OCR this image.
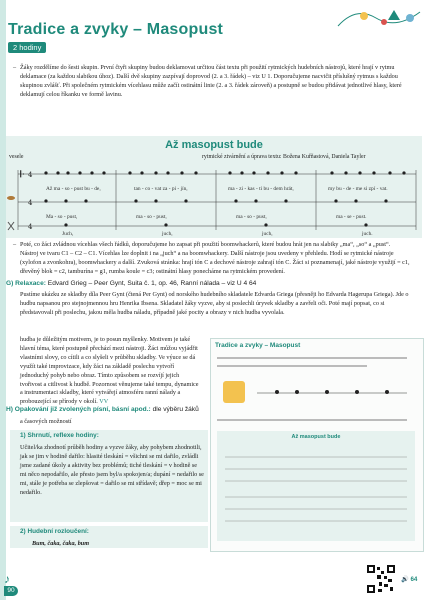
Tradice a zvyky – Masopust
2 hodiny
– Žáky rozdělíme do šesti skupin. První čtyři skupiny budou deklamovat určitou část textu při použití rytmických hudebních nástrojů, které hrají v rytmu deklamace (za každou slabikou úhoz). Další dvě skupiny zazpívají doprovod (2. a 3. řádek) – viz U 1. Doporučujeme nacvičit příslušný rytmus s každou skupinou zvlášť. Při společném rytmickém vícehlasu může začít ostinátní linie (2. a 3. řádek zároveň) a postupně se budou přidávat jednotlivé hlasy, které deklamují celou říkanku ve formě lavinu.
Až masopust bude
vesele	rytmické ztvárnění a úprava textu: Božena Kuřňastová, Daniela Tayler
𝄆 4
4
4
Až ma - so - pust bu - de,	tan - co - vat za - pi - jín,	ma - zi - kas - ti bu - dem hrát,	my bu - de - me si zpí - vat.
Ma - so - pust,	ma - so - pust,	ma - so - pust,	ma - se - pust.
Juch,	juch,	juch,	juch.
– Poté, co žáci zvládnou vícehlas všech řádků, doporučujeme ho zapsat při použití boomwhackerů, které budou hrát jen na slabiky „ma“, „so“ a „pust“. Nástroj ve tvaru C1 – C2 – C1. Vícehlas lze doplnit i na „juch“ a na boomwhackery. Další nástroje jsou uvedeny v přehledu. Hodí se rytmické nástroje (xylofon a zvonkohra), boomwhackery a další. Zvuková stránka: hrají tón C a dechové nástroje zahrají tón C. Žáci si poznamenají, jaké nástroje využijí = c1, dřevěný blok = c2, tamburína = g1, rumba koule = c3; ostinátní hlasy ponecháme na rytmickém provedení.
G) Relaxace: Edvard Grieg – Peer Gynt, Suita č. 1, op. 46, Ranní nálada – viz U 4 64
Pustíme ukázku ze skladby díla Peer Gynt (čtená Per Gynt) od norského hudebního skladatele Edvarda Griega (přesněji ho Edvarda Hagerupa Griega). Jde o hudbu napsanou pro stejnojmennou hru Henrika Ibsena. Skladatel žáky vyzve, aby si poslechli úryvek skladby a zavřeli oči. Poté mají popsat, co si představovali při poslechu, jakou měla hudba náladu, případně jaké pocity a obrazy v nich hudba vyvolala.
hudba je důležitým motivem, je to posun myšlenky. Motivem je také hlavní téma, které postupně přechází mezi nástroji. Žáci můžou vyjádřit vlastními slovy, co cítili a co slyšeli v průběhu skladby. Ve výuce se dá využít také improvizace, kdy žáci na základě poslechu vytvoří jednoduchý pohyb nebo obraz. Tímto způsobem se rozvíjí jejich tvořivost a citlivost k hudbě. Pozornost věnujeme také tempu, dynamice a instrumentaci skladby, které vytvářejí atmosféru ranní nálady a probouzející se přírody v okolí. VV
Tradice a zvyky – Masopust
Až masopust bude
H) Opakování již zvolených písní, básní apod.: dle výběru žáků
a časových možností
1) Shrnutí, reflexe hodiny:
Učitel/ka zhodnotí průběh hodiny a vyzve žáky, aby pohybem zhodnotili, jak se jim v hodině dařilo: hlasité tleskání = všichni se mi dařilo, zvládli jsme zadané úkoly a aktivity bez problémů; tiché tleskání = v hodině se mi něco nepodařilo, ale přesto jsem byl/a spokojen/a; dupání = nedařilo se mi, stále je potřeba se zlepšovat = dařilo se mi střídavě; dřep = moc se mi nedařilo.
2) Hudební rozloučení:
Bum, čaka, čaka, bum
♪
90
🔊 64
